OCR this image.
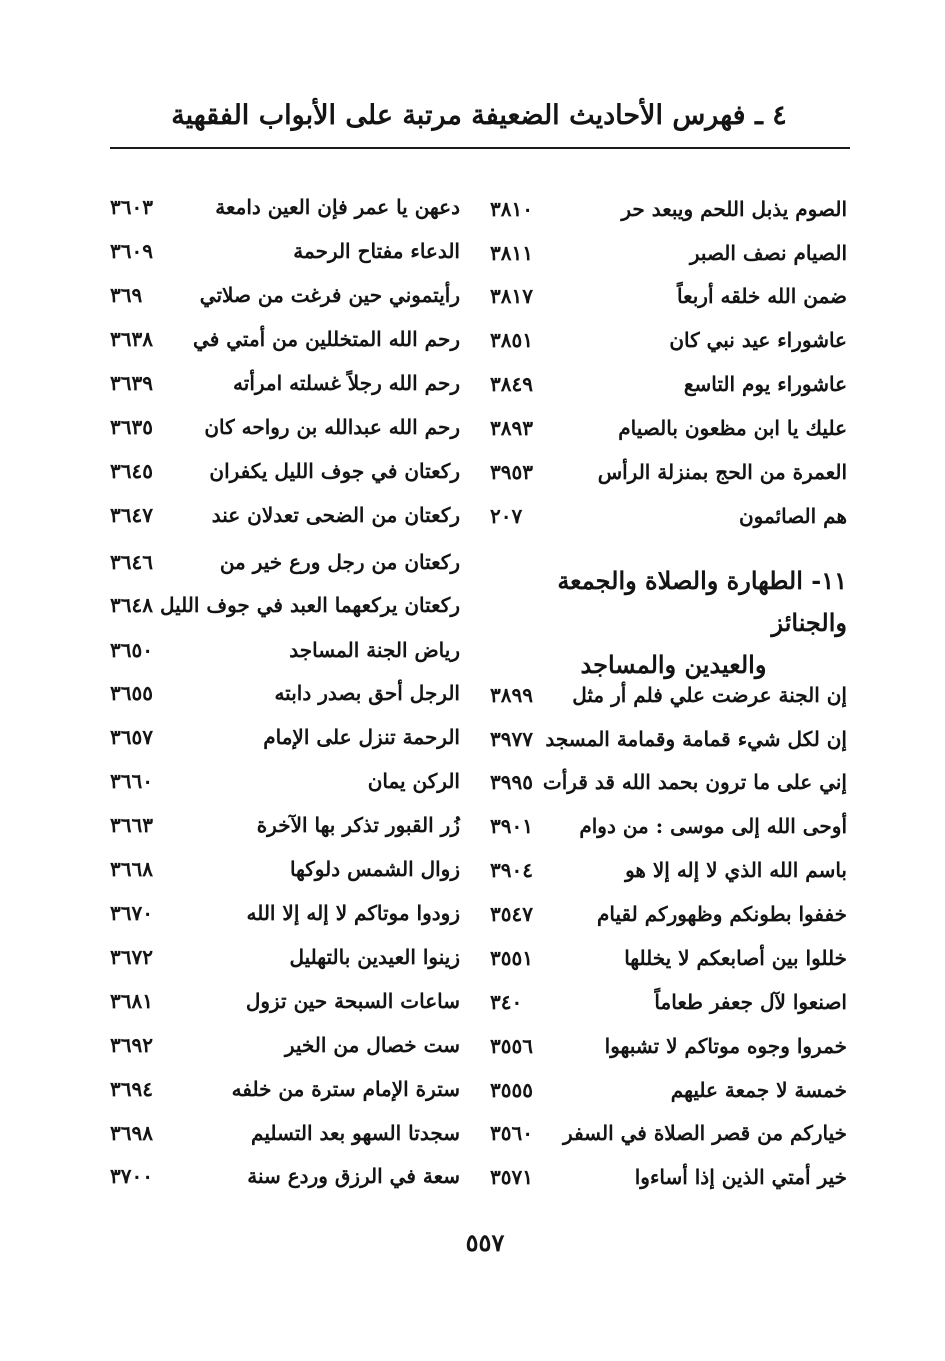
٤ ـ فهرس الأحاديث الضعيفة مرتبة على الأبواب الفقهية
الصوم يذبل اللحم ويبعد حر
٣٨١٠
الصيام نصف الصبر
٣٨١١
ضمن الله خلقه أربعاً
٣٨١٧
عاشوراء عيد نبي كان
٣٨٥١
عاشوراء يوم التاسع
٣٨٤٩
عليك يا ابن مظعون بالصيام
٣٨٩٣
العمرة من الحج بمنزلة الرأس
٣٩٥٣
هم الصائمون
٢٠٧
١١- الطهارة والصلاة والجمعة والجنائز
والعيدين والمساجد
إن الجنة عرضت علي فلم أر مثل
٣٨٩٩
إن لكل شيء قمامة وقمامة المسجد
٣٩٧٧
إني على ما ترون بحمد الله قد قرأت
٣٩٩٥
أوحى الله إلى موسى : من دوام
٣٩٠١
باسم الله الذي لا إله إلا هو
٣٩٠٤
خففوا بطونكم وظهوركم لقيام
٣٥٤٧
خللوا بين أصابعكم لا يخللها
٣٥٥١
اصنعوا لآل جعفر طعاماً
٣٤٠
خمروا وجوه موتاكم لا تشبهوا
٣٥٥٦
خمسة لا جمعة عليهم
٣٥٥٥
خياركم من قصر الصلاة في السفر
٣٥٦٠
خير أمتي الذين إذا أساءوا
٣٥٧١
دعهن يا عمر فإن العين دامعة
٣٦٠٣
الدعاء مفتاح الرحمة
٣٦٠٩
رأيتموني حين فرغت من صلاتي
٣٦٩
رحم الله المتخللين من أمتي في
٣٦٣٨
رحم الله رجلاً غسلته امرأته
٣٦٣٩
رحم الله عبدالله بن رواحه كان
٣٦٣٥
ركعتان في جوف الليل يكفران
٣٦٤٥
ركعتان من الضحى تعدلان عند
٣٦٤٧
ركعتان من رجل ورع خير من
٣٦٤٦
ركعتان يركعهما العبد في جوف الليل
٣٦٤٨
رياض الجنة المساجد
٣٦٥٠
الرجل أحق بصدر دابته
٣٦٥٥
الرحمة تنزل على الإمام
٣٦٥٧
الركن يمان
٣٦٦٠
زُر القبور تذكر بها الآخرة
٣٦٦٣
زوال الشمس دلوكها
٣٦٦٨
زودوا موتاكم لا إله إلا الله
٣٦٧٠
زينوا العيدين بالتهليل
٣٦٧٢
ساعات السبحة حين تزول
٣٦٨١
ست خصال من الخير
٣٦٩٢
سترة الإمام سترة من خلفه
٣٦٩٤
سجدتا السهو بعد التسليم
٣٦٩٨
سعة في الرزق وردع سنة
٣٧٠٠
٥٥٧
